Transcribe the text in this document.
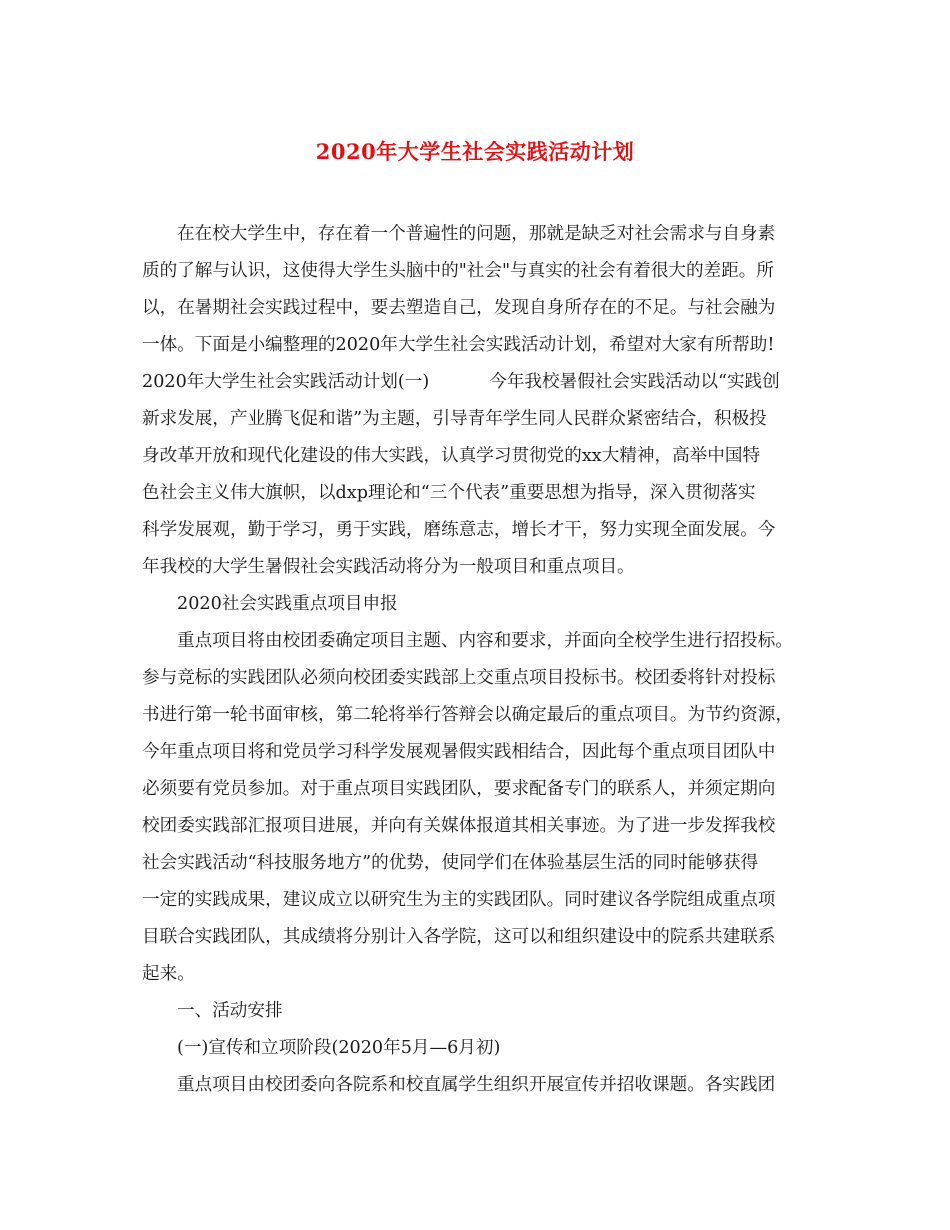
2020年大学生社会实践活动计划
在在校大学生中，存在着一个普遍性的问题，那就是缺乏对社会需求与自身素
质的了解与认识，这使得大学生头脑中的"社会"与真实的社会有着很大的差距。所
以，在暑期社会实践过程中，要去塑造自己，发现自身所存在的不足。与社会融为
一体。下面是小编整理的2020年大学生社会实践活动计划，希望对大家有所帮助!
2020年大学生社会实践活动计划(一)	今年我校暑假社会实践活动以“实践创
新求发展，产业腾飞促和谐”为主题，引导青年学生同人民群众紧密结合，积极投
身改革开放和现代化建设的伟大实践，认真学习贯彻党的xx大精神，高举中国特
色社会主义伟大旗帜，以dxp理论和“三个代表”重要思想为指导，深入贯彻落实
科学发展观，勤于学习，勇于实践，磨练意志，增长才干，努力实现全面发展。今
年我校的大学生暑假社会实践活动将分为一般项目和重点项目。
2020社会实践重点项目申报
重点项目将由校团委确定项目主题、内容和要求，并面向全校学生进行招投标。
参与竞标的实践团队必须向校团委实践部上交重点项目投标书。校团委将针对投标
书进行第一轮书面审核，第二轮将举行答辩会以确定最后的重点项目。为节约资源，
今年重点项目将和党员学习科学发展观暑假实践相结合，因此每个重点项目团队中
必须要有党员参加。对于重点项目实践团队，要求配备专门的联系人，并须定期向
校团委实践部汇报项目进展，并向有关媒体报道其相关事迹。为了进一步发挥我校
社会实践活动“科技服务地方”的优势，使同学们在体验基层生活的同时能够获得
一定的实践成果，建议成立以研究生为主的实践团队。同时建议各学院组成重点项
目联合实践团队，其成绩将分别计入各学院，这可以和组织建设中的院系共建联系
起来。
一、活动安排
(一)宣传和立项阶段(2020年5月—6月初)
重点项目由校团委向各院系和校直属学生组织开展宣传并招收课题。各实践团
